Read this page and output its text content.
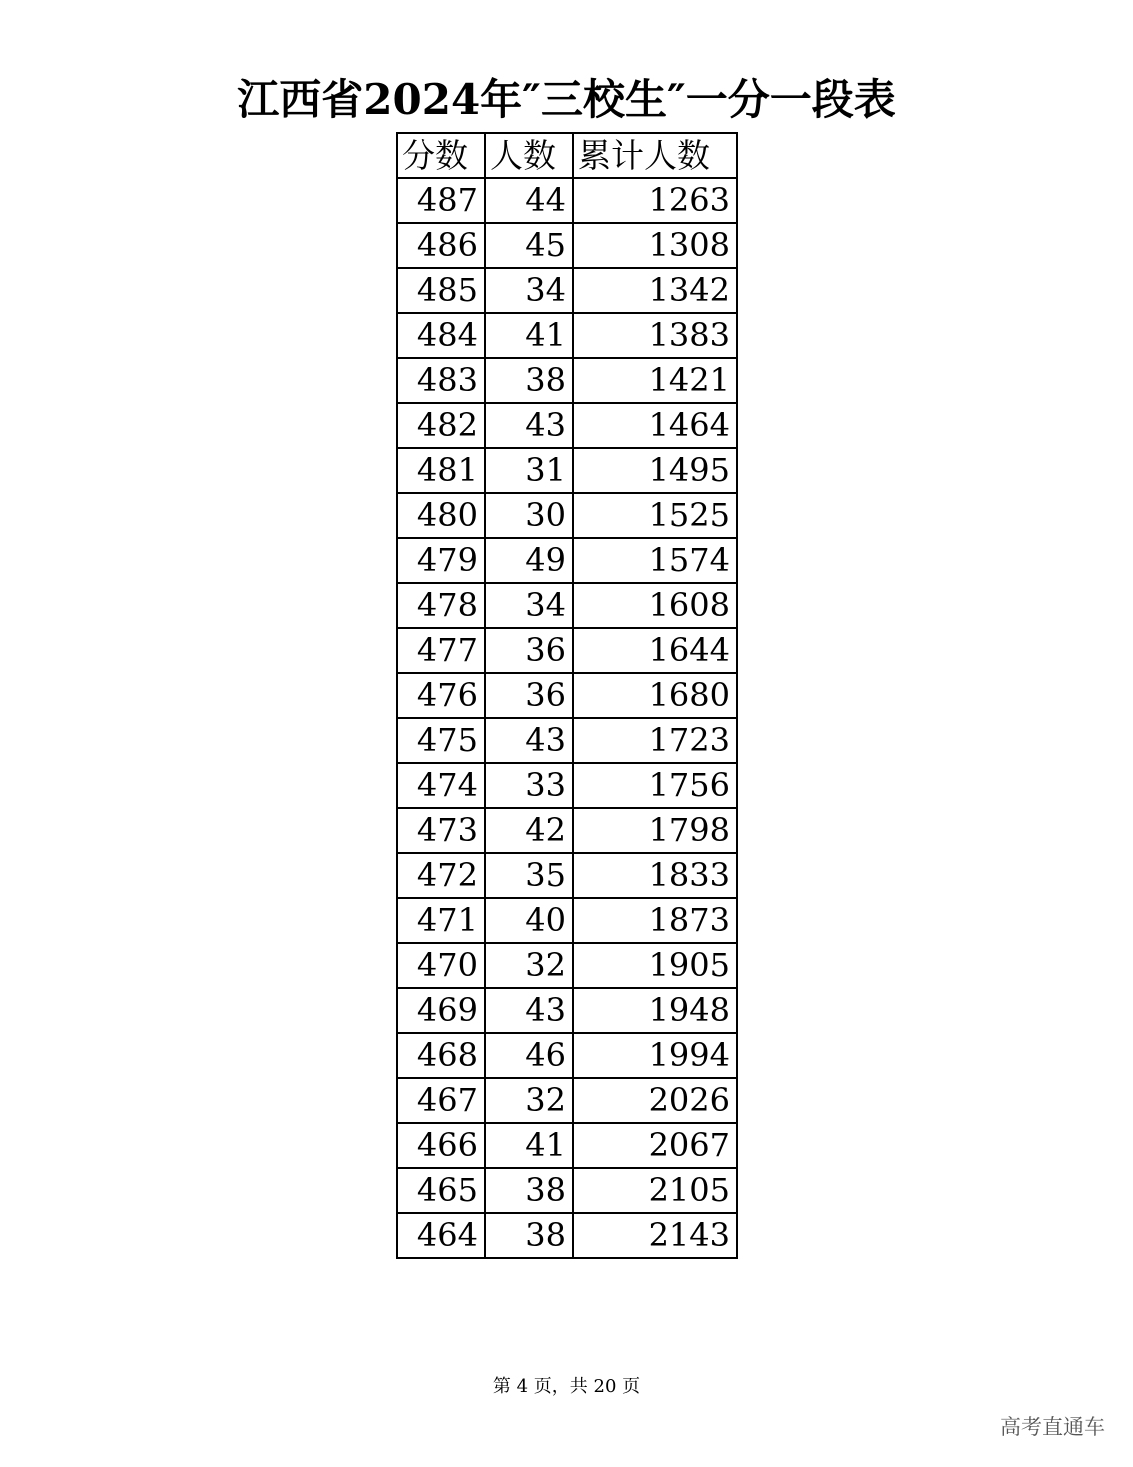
江西省2024年″三校生″一分一段表
分数	人数	累计人数
487	44	1263
486	45	1308
485	34	1342
484	41	1383
483	38	1421
482	43	1464
481	31	1495
480	30	1525
479	49	1574
478	34	1608
477	36	1644
476	36	1680
475	43	1723
474	33	1756
473	42	1798
472	35	1833
471	40	1873
470	32	1905
469	43	1948
468	46	1994
467	32	2026
466	41	2067
465	38	2105
464	38	2143
第 4 页，共 20 页
高考直通车
